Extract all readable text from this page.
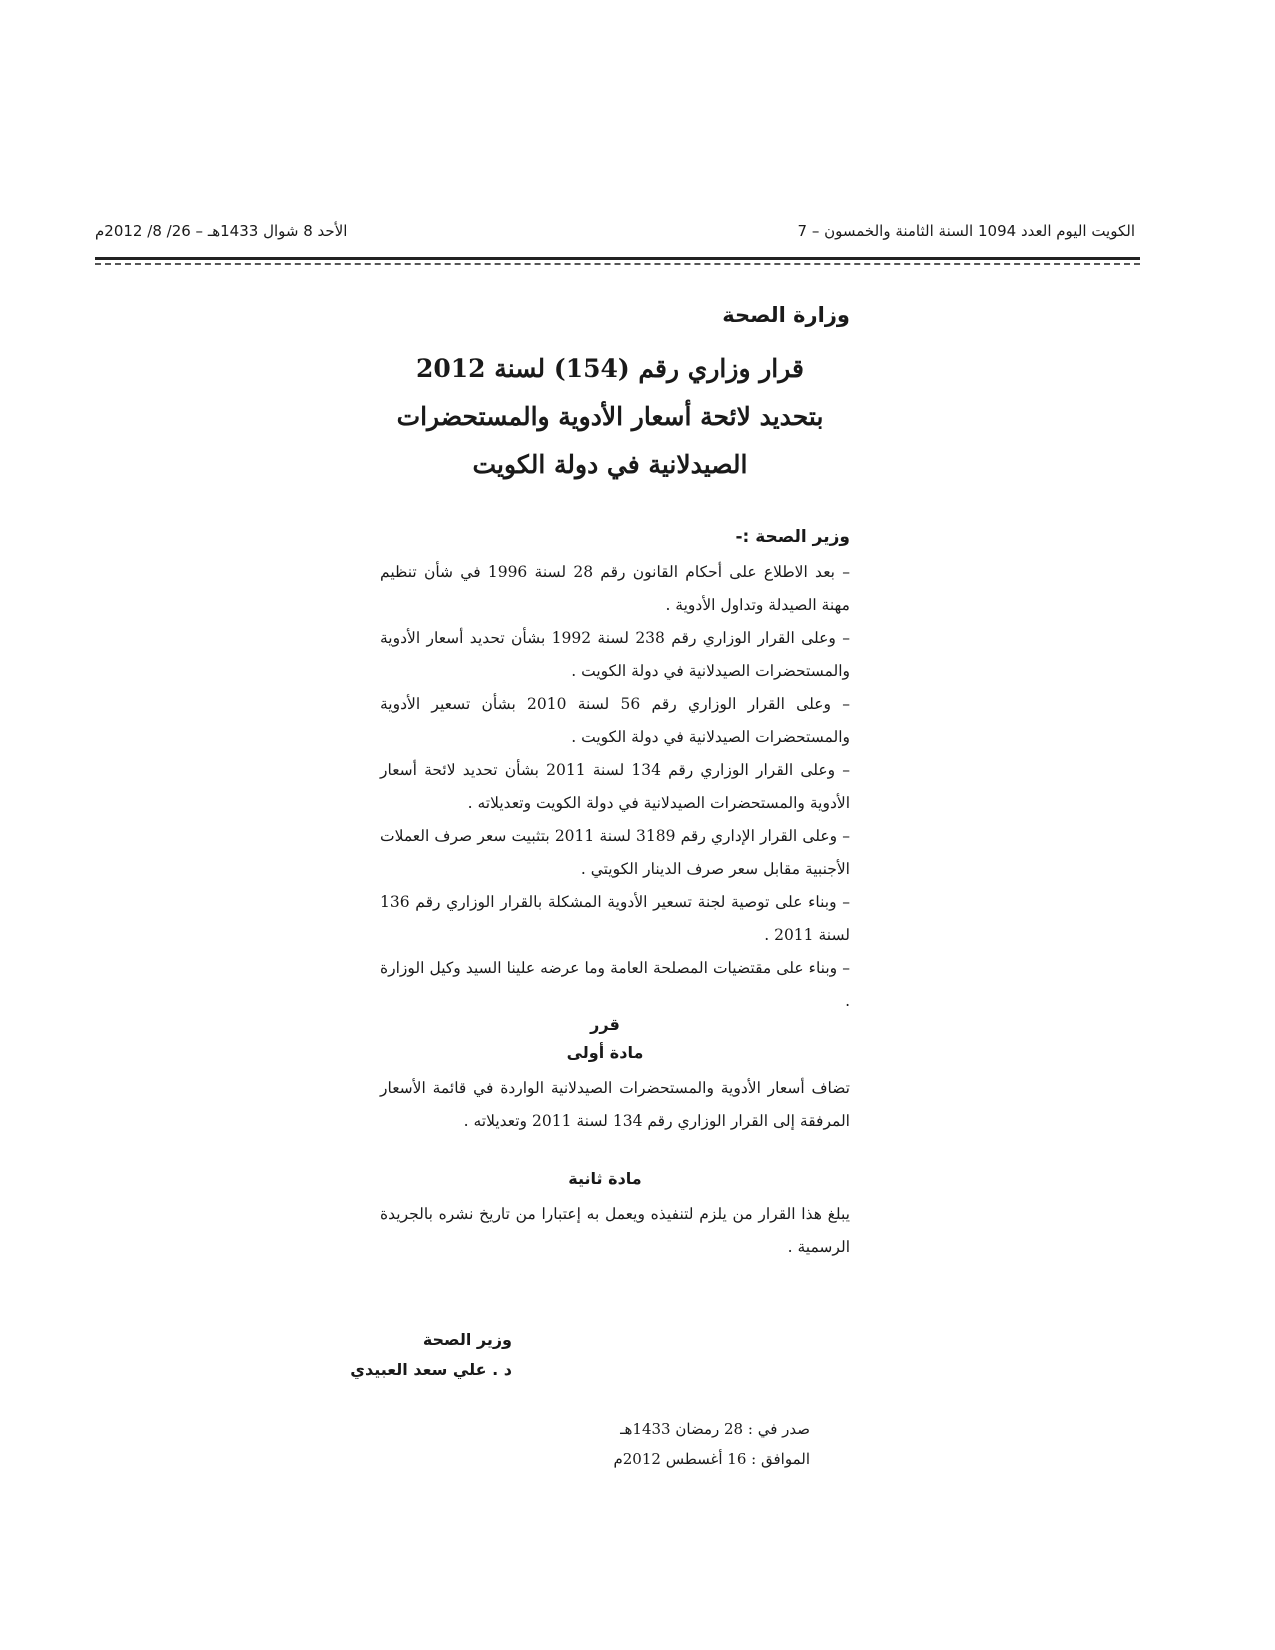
الكويت اليوم العدد 1094 السنة الثامنة والخمسون – 7
الأحد 8 شوال 1433هـ – 26/ 8/ 2012م
وزارة الصحة
قرار وزاري رقم (154) لسنة 2012
بتحديد لائحة أسعار الأدوية والمستحضرات
الصيدلانية في دولة الكويت
وزير الصحة :-

– بعد الاطلاع على أحكام القانون رقم 28 لسنة 1996 في شأن تنظيم مهنة الصيدلة وتداول الأدوية .

– وعلى القرار الوزاري رقم 238 لسنة 1992 بشأن تحديد أسعار الأدوية والمستحضرات الصيدلانية في دولة الكويت .

– وعلى القرار الوزاري رقم 56 لسنة 2010 بشأن تسعير الأدوية والمستحضرات الصيدلانية في دولة الكويت .

– وعلى القرار الوزاري رقم 134 لسنة 2011 بشأن تحديد لائحة أسعار الأدوية والمستحضرات الصيدلانية في دولة الكويت وتعديلاته .

– وعلى القرار الإداري رقم 3189 لسنة 2011 بتثبيت سعر صرف العملات الأجنبية مقابل سعر صرف الدينار الكويتي .

– وبناء على توصية لجنة تسعير الأدوية المشكلة بالقرار الوزاري رقم 136 لسنة 2011 .

– وبناء على مقتضيات المصلحة العامة وما عرضه علينا السيد وكيل الوزارة .

قرر
مادة أولى

تضاف أسعار الأدوية والمستحضرات الصيدلانية الواردة في قائمة الأسعار المرفقة إلى القرار الوزاري رقم 134 لسنة 2011 وتعديلاته .

مادة ثانية

يبلغ هذا القرار من يلزم لتنفيذه ويعمل به إعتبارا من تاريخ نشره بالجريدة الرسمية .

وزير الصحة
د . علي سعد العبيدي
صدر في : 28 رمضان 1433هـ
الموافق : 16 أغسطس 2012م
